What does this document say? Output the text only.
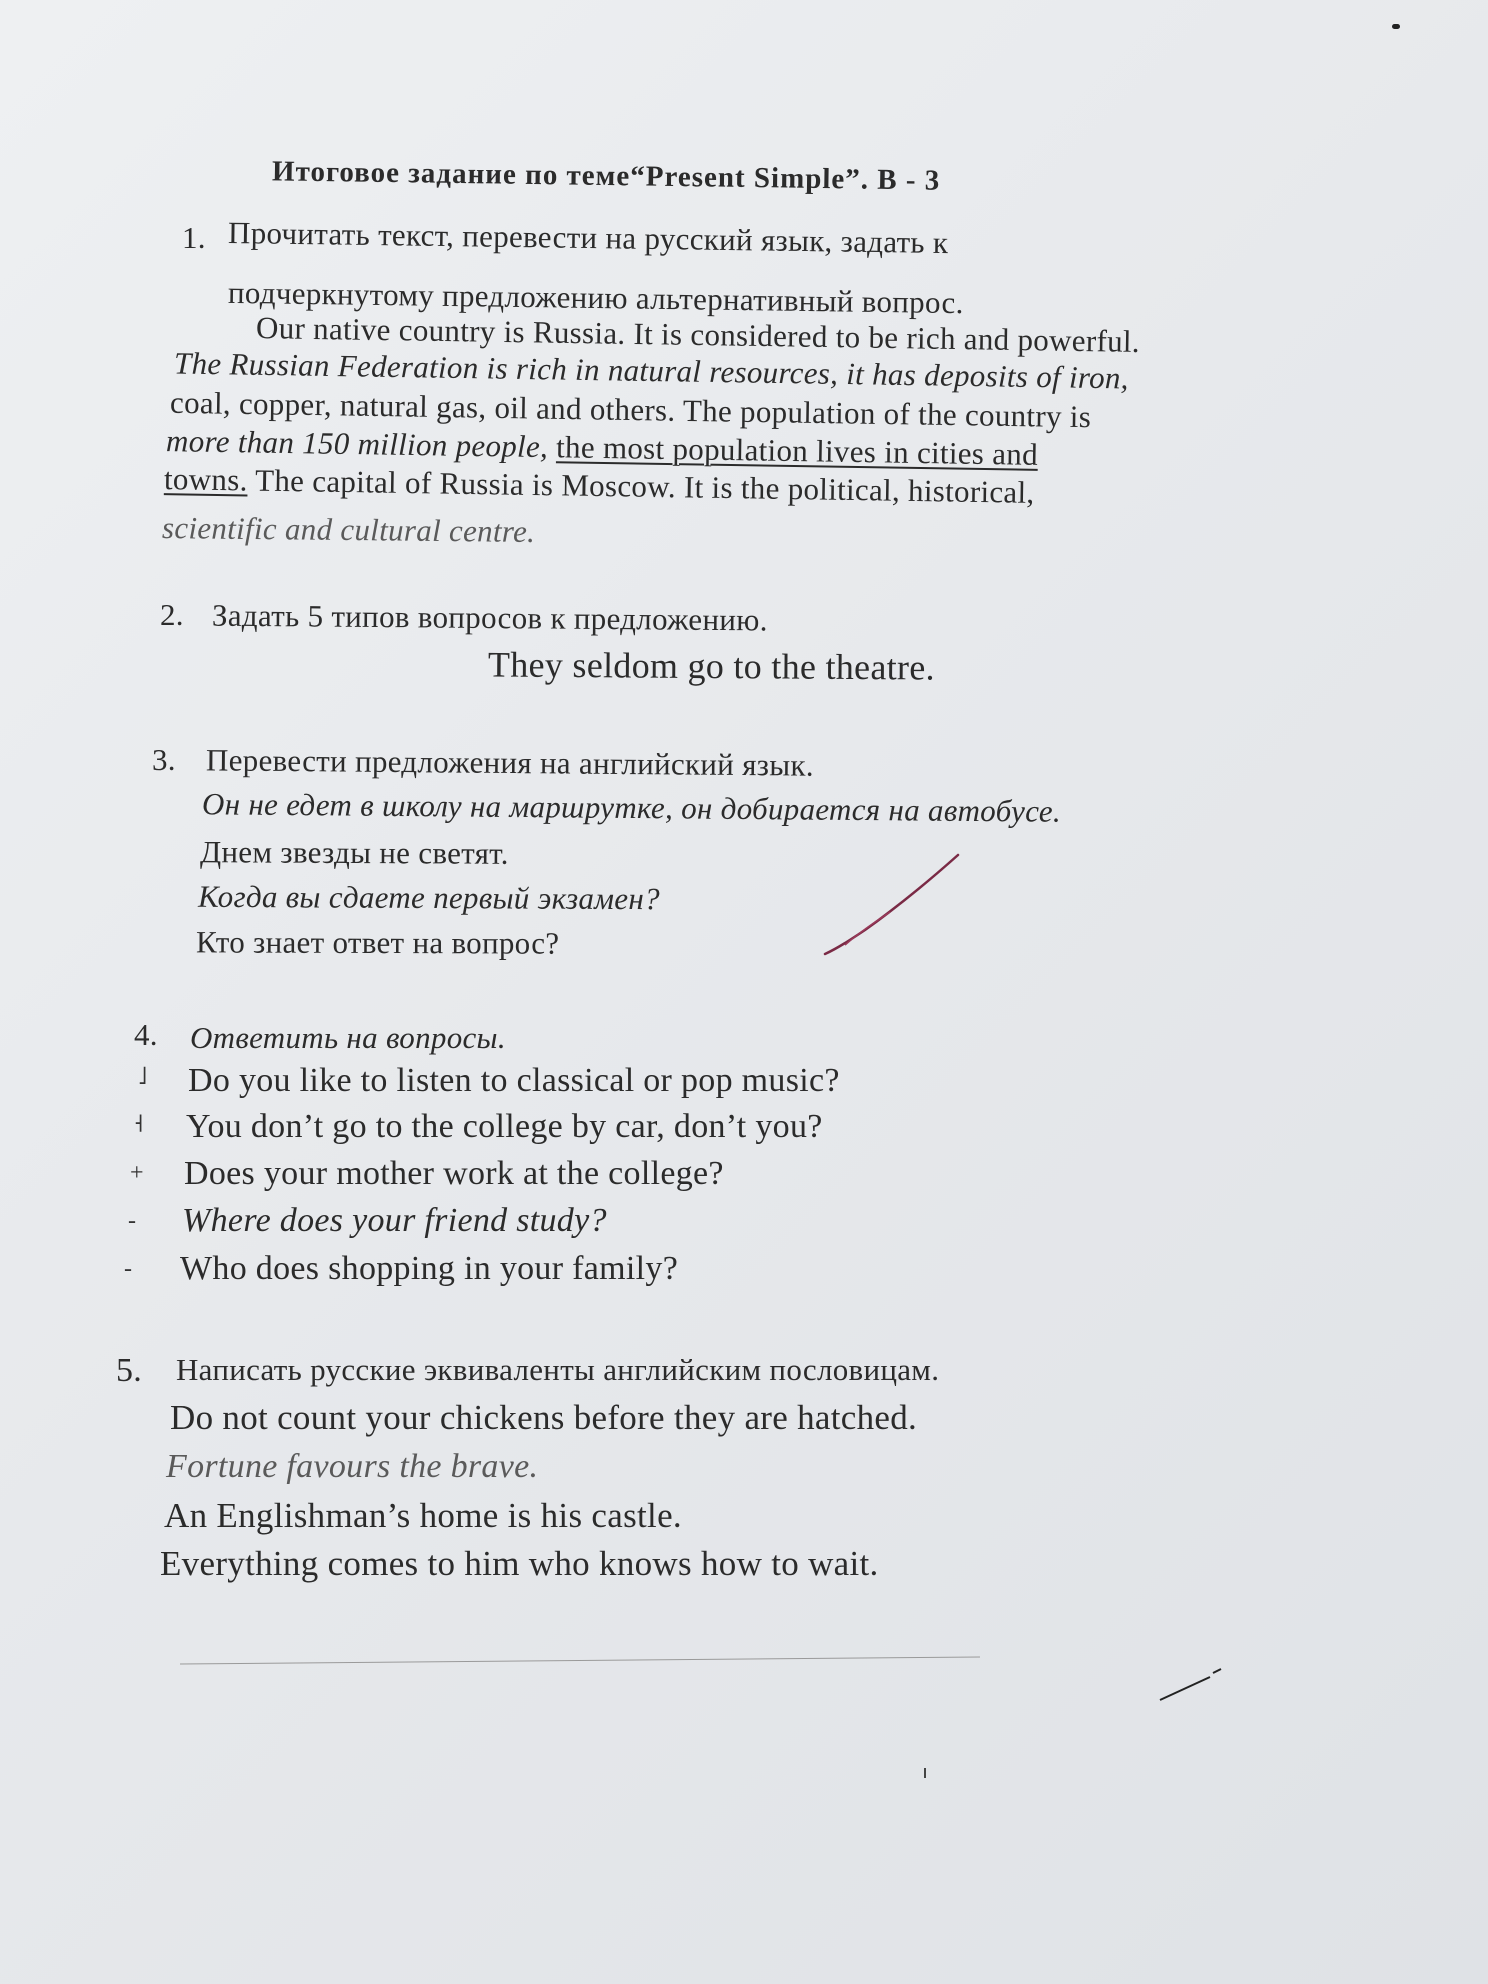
Итоговое задание по теме“Present Simple”. В - 3
1. Прочитать текст, перевести на русский язык, задать к
подчеркнутому предложению альтернативный вопрос.
Our native country is Russia. It is considered to be rich and powerful.
The Russian Federation is rich in natural resources, it has deposits of iron,
coal, copper, natural gas, oil and others. The population of the country is
more than 150 million people, the most population lives in cities and
towns. The capital of Russia is Moscow. It is the political, historical,
scientific and cultural centre.
2. Задать 5 типов вопросов к предложению.
They seldom go to the theatre.
3. Перевести предложения на английский язык.
Он не едет в школу на маршрутке, он добирается на автобусе.
Днем звезды не светят.
Когда вы сдаете первый экзамен?
Кто знает ответ на вопрос?
4. Ответить на вопросы.
˩ Do you like to listen to classical or pop music?
˧ You don’t go to the college by car, don’t you?
+ Does your mother work at the college?
- Where does your friend study?
- Who does shopping in your family?
5. Написать русские эквиваленты английским пословицам.
Do not count your chickens before they are hatched.
Fortune favours the brave.
An Englishman’s home is his castle.
Everything comes to him who knows how to wait.
